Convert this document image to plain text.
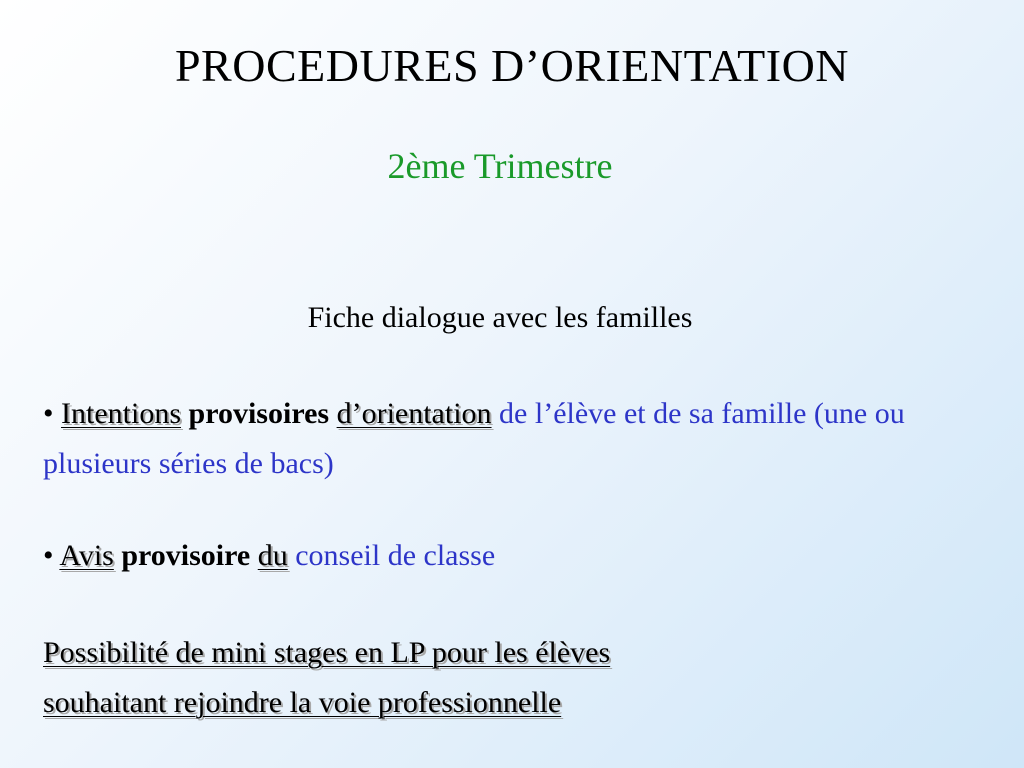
PROCEDURES D’ORIENTATION
2ème Trimestre
Fiche dialogue avec les familles
• Intentions provisoires d’orientation de l’élève et de sa famille (une ou plusieurs séries de bacs)
• Avis provisoire du conseil de classe
Possibilité de mini stages en LP pour les élèves
souhaitant rejoindre la voie professionnelle
